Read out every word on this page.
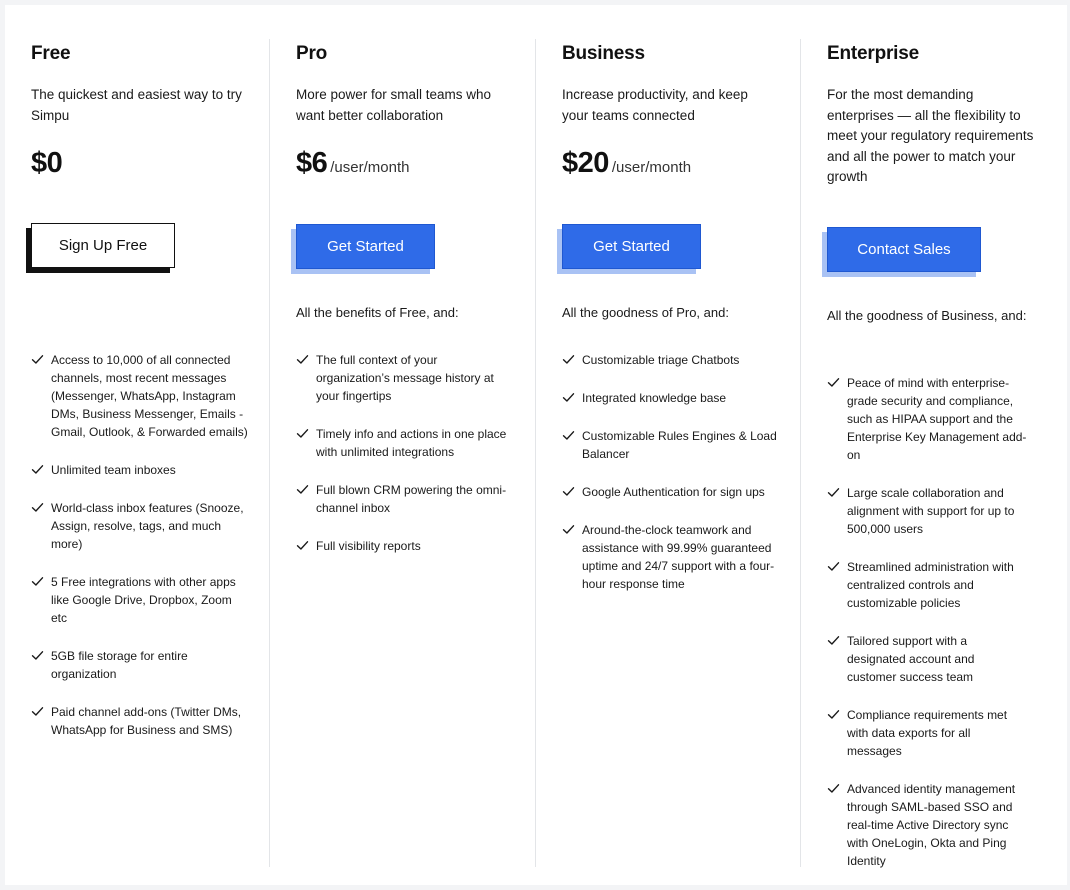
Free
The quickest and easiest way to try Simpu
$0
Sign Up Free
Access to 10,000 of all connected channels, most recent messages (Messenger, WhatsApp, Instagram DMs, Business Messenger, Emails - Gmail, Outlook, & Forwarded emails)
Unlimited team inboxes
World-class inbox features (Snooze, Assign, resolve, tags, and much more)
5 Free integrations with other apps like Google Drive, Dropbox, Zoom etc
5GB file storage for entire organization
Paid channel add-ons (Twitter DMs, WhatsApp for Business and SMS)
Pro
More power for small teams who want better collaboration
$6 /user/month
Get Started
All the benefits of Free, and:
The full context of your organization’s message history at your fingertips
Timely info and actions in one place with unlimited integrations
Full blown CRM powering the omni-channel inbox
Full visibility reports
Business
Increase productivity, and keep your teams connected
$20 /user/month
Get Started
All the goodness of Pro, and:
Customizable triage Chatbots
Integrated knowledge base
Customizable Rules Engines & Load Balancer
Google Authentication for sign ups
Around-the-clock teamwork and assistance with 99.99% guaranteed uptime and 24/7 support with a four-hour response time
Enterprise
For the most demanding enterprises — all the flexibility to meet your regulatory requirements and all the power to match your growth
Contact Sales
All the goodness of Business, and:
Peace of mind with enterprise-grade security and compliance, such as HIPAA support and the Enterprise Key Management add-on
Large scale collaboration and alignment with support for up to 500,000 users
Streamlined administration with centralized controls and customizable policies
Tailored support with a designated account and customer success team
Compliance requirements met with data exports for all messages
Advanced identity management through SAML-based SSO and real-time Active Directory sync with OneLogin, Okta and Ping Identity
